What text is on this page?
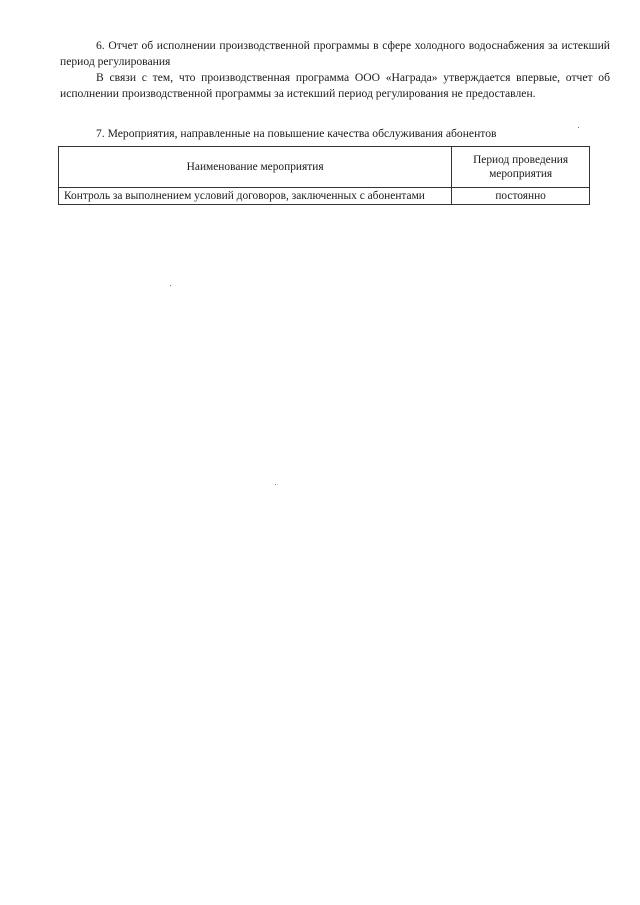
6. Отчет об исполнении производственной программы в сфере холодного водоснабжения за истекший период регулирования
В связи с тем, что производственная программа ООО «Награда» утверждается впервые, отчет об исполнении производственной программы за истекший период регулирования не предоставлен.
7. Мероприятия, направленные на повышение качества обслуживания абонентов
Наименование мероприятия	Период проведения мероприятия
Контроль за выполнением условий договоров, заключенных с абонентами	постоянно
